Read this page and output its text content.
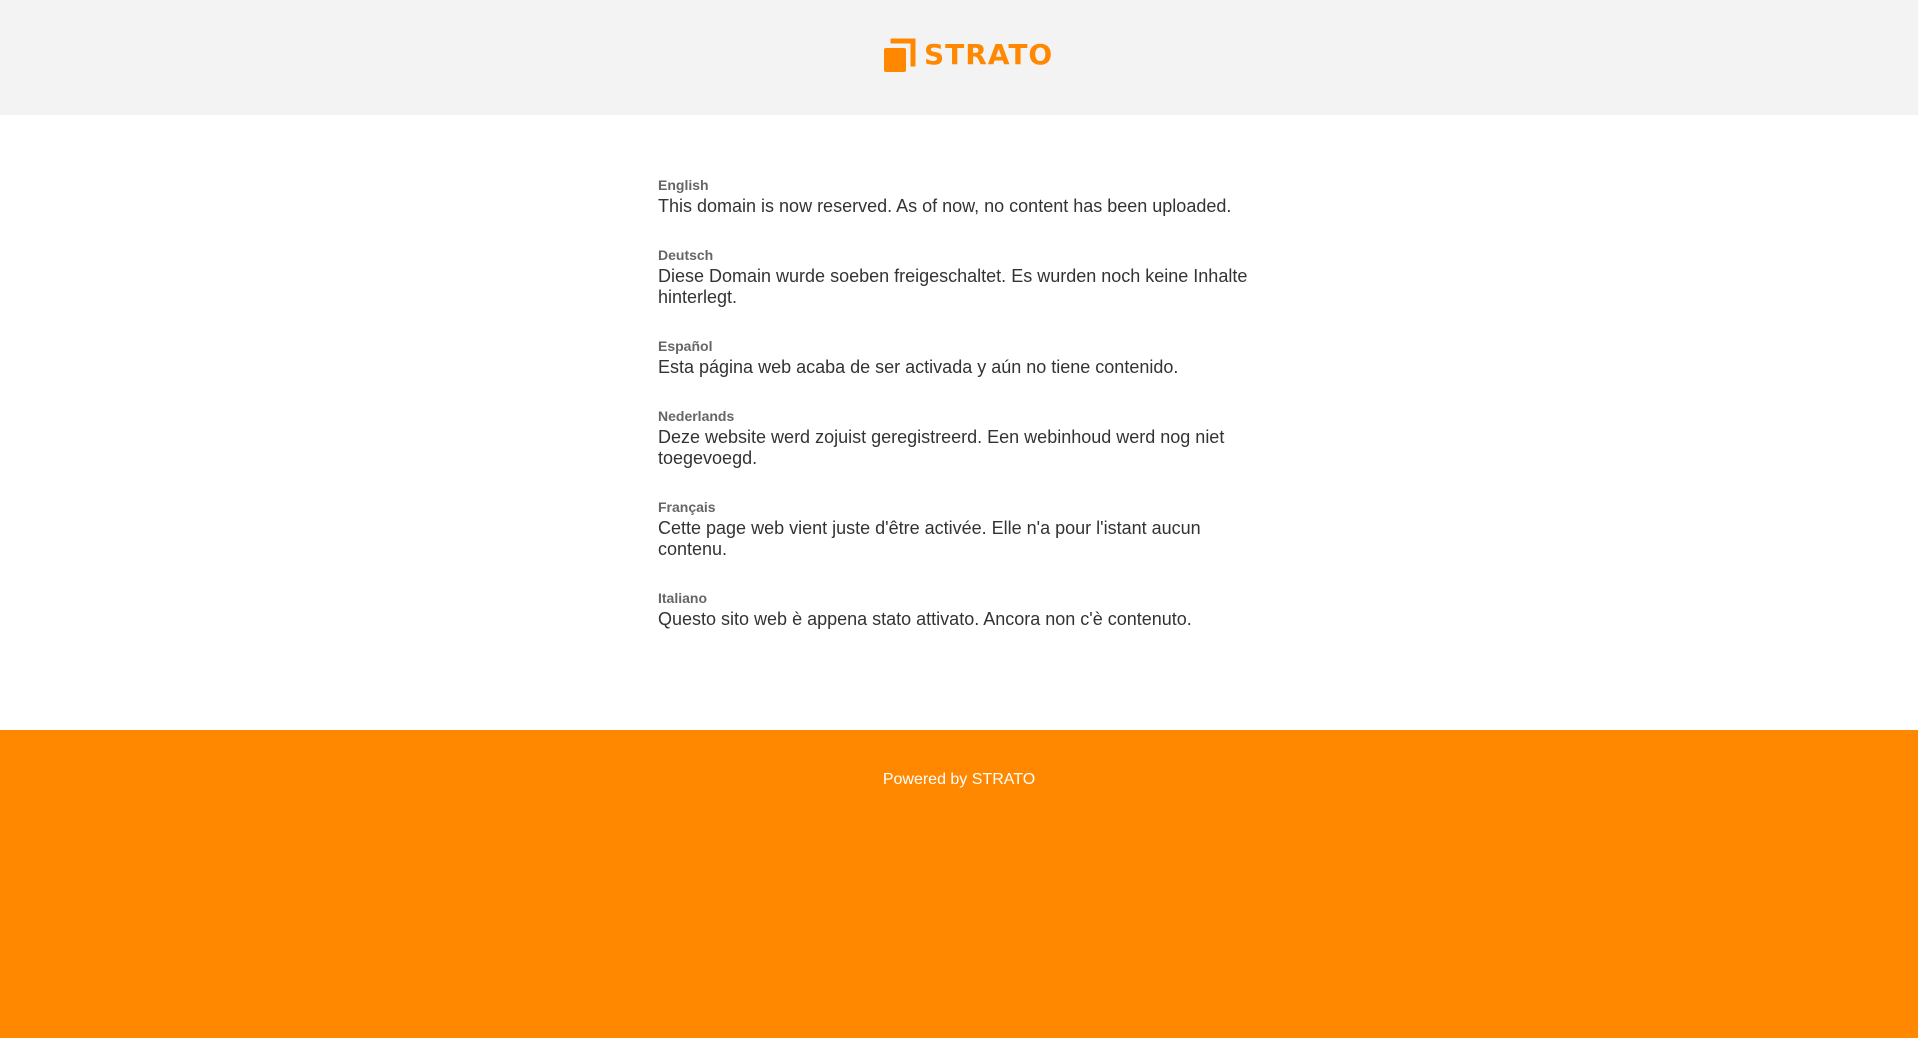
STRATO

English

This domain is now reserved. As of now, no content has been uploaded.

Deutsch

Diese Domain wurde soeben freigeschaltet. Es wurden noch keine Inhalte hinterlegt.

Español

Esta página web acaba de ser activada y aún no tiene contenido.

Nederlands

Deze website werd zojuist geregistreerd. Een webinhoud werd nog niet toegevoegd.

Français

Cette page web vient juste d'être activée. Elle n'a pour l'istant aucun contenu.

Italiano

Questo sito web è appena stato attivato. Ancora non c'è contenuto.

Powered by STRATO
